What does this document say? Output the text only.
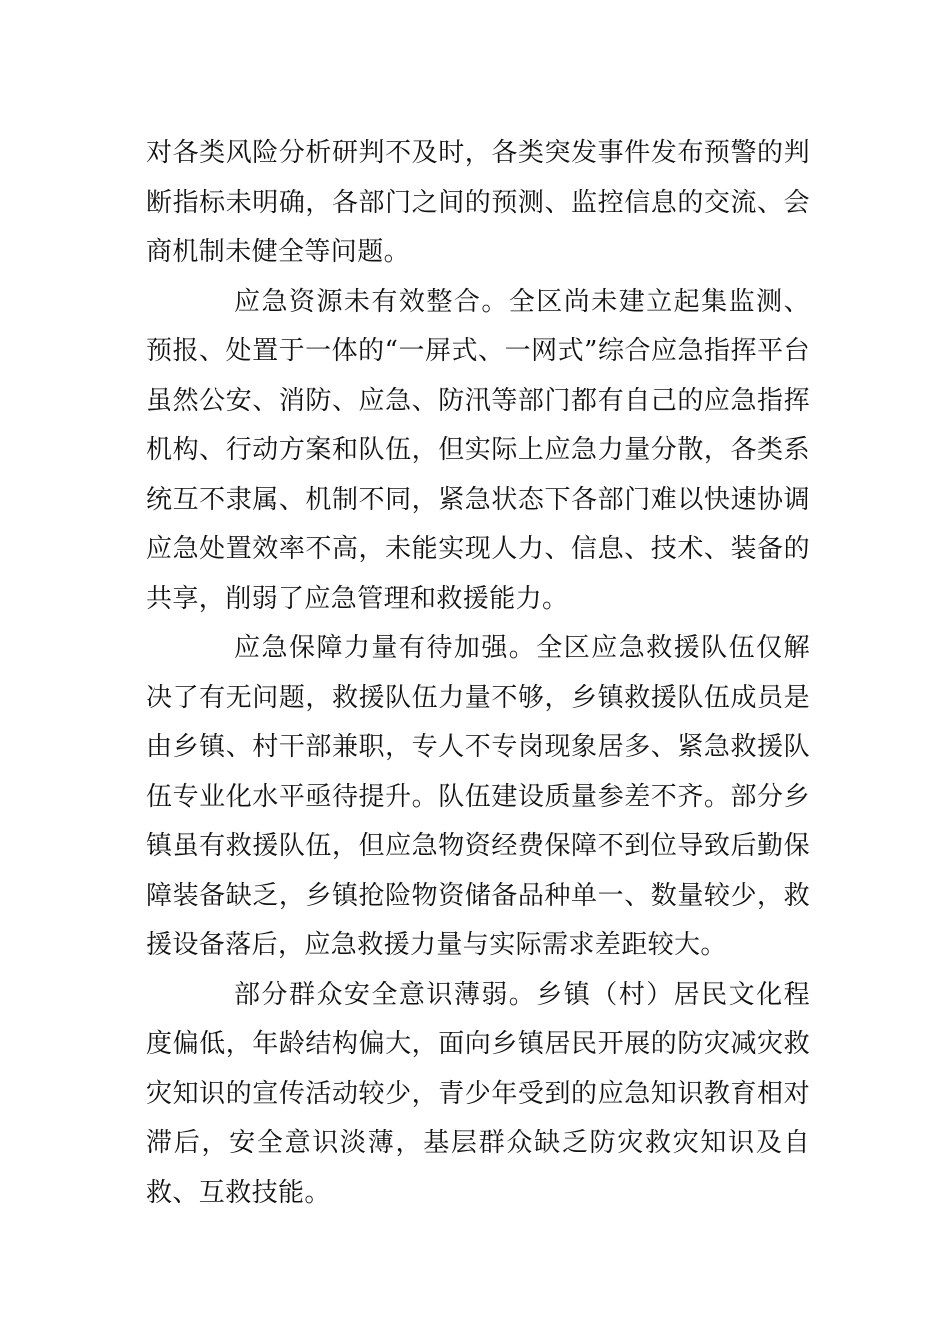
对各类风险分析研判不及时，各类突发事件发布预警的判断指标未明确，各部门之间的预测、监控信息的交流、会商机制未健全等问题。

应急资源未有效整合。全区尚未建立起集监测、预报、处置于一体的“一屏式、一网式”综合应急指挥平台虽然公安、消防、应急、防汛等部门都有自己的应急指挥机构、行动方案和队伍，但实际上应急力量分散，各类系统互不隶属、机制不同，紧急状态下各部门难以快速协调应急处置效率不高，未能实现人力、信息、技术、装备的共享，削弱了应急管理和救援能力。

应急保障力量有待加强。全区应急救援队伍仅解决了有无问题，救援队伍力量不够，乡镇救援队伍成员是由乡镇、村干部兼职，专人不专岗现象居多、紧急救援队伍专业化水平亟待提升。队伍建设质量参差不齐。部分乡镇虽有救援队伍，但应急物资经费保障不到位导致后勤保障装备缺乏，乡镇抢险物资储备品种单一、数量较少，救援设备落后，应急救援力量与实际需求差距较大。

部分群众安全意识薄弱。乡镇（村）居民文化程度偏低，年龄结构偏大，面向乡镇居民开展的防灾减灾救灾知识的宣传活动较少，青少年受到的应急知识教育相对滞后，安全意识淡薄，基层群众缺乏防灾救灾知识及自救、互救技能。
